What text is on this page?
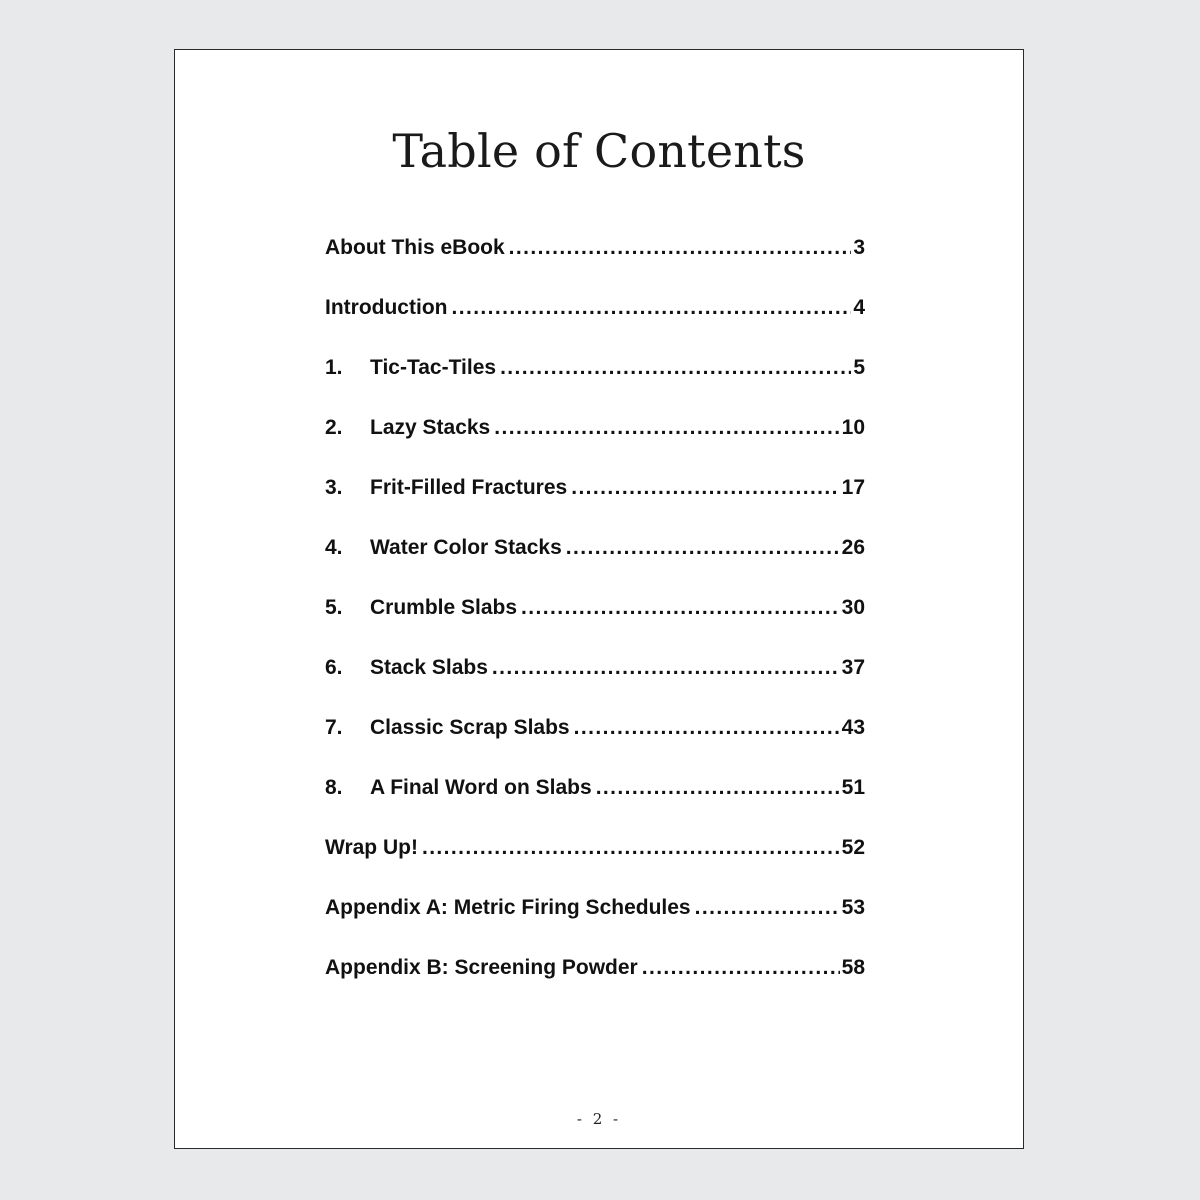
Table of Contents
About This eBook .....	3
Introduction .....	4
1.	Tic-Tac-Tiles .....	5
2.	Lazy Stacks .....	10
3.	Frit-Filled Fractures .....	17
4.	Water Color Stacks .....	26
5.	Crumble Slabs .....	30
6.	Stack Slabs .....	37
7.	Classic Scrap Slabs .....	43
8.	A Final Word on Slabs .....	51
Wrap Up! .....	52
Appendix A: Metric Firing Schedules .....	53
Appendix B: Screening Powder .....	58
- 2 -
